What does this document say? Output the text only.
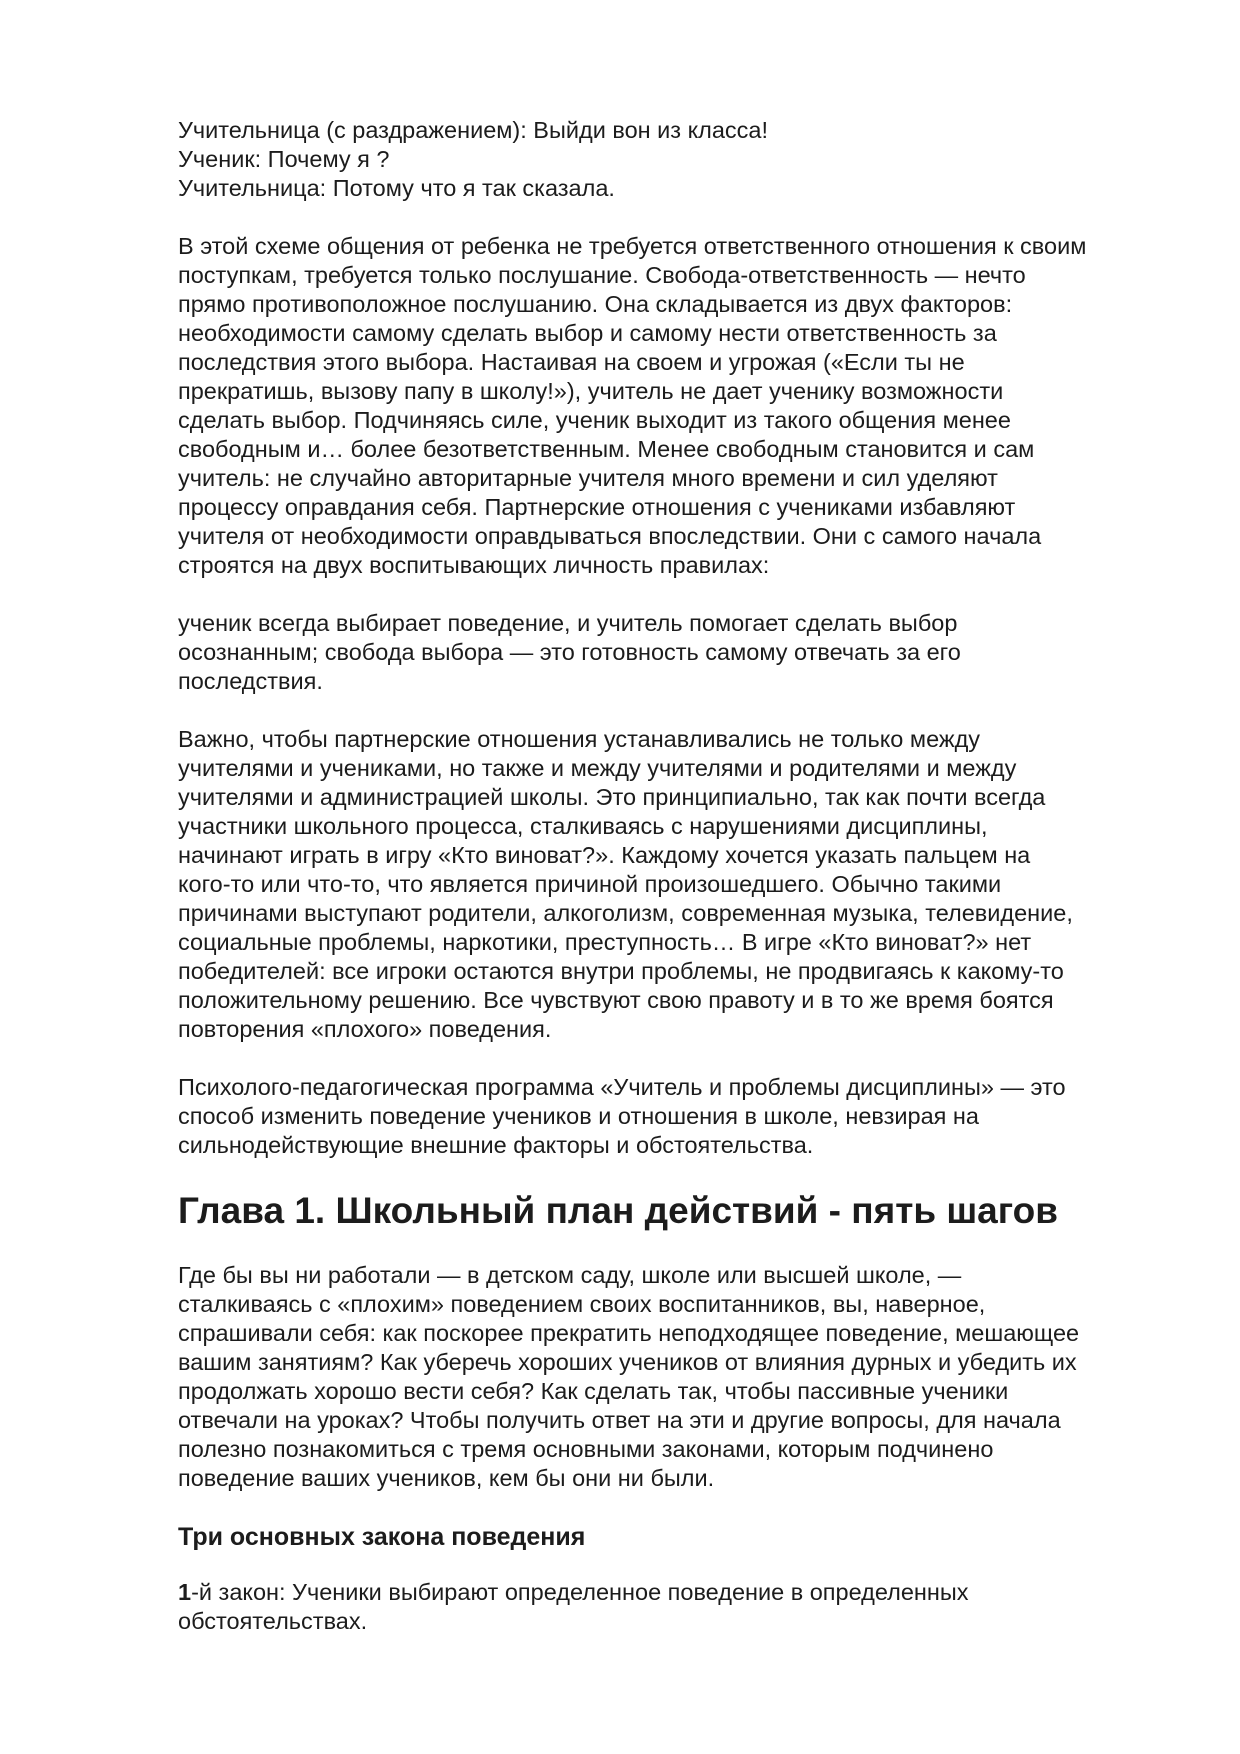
Учительница (с раздражением): Выйди вон из класса!
Ученик: Почему я ?
Учительница: Потому что я так сказала.
В этой схеме общения от ребенка не требуется ответственного отношения к своим
поступкам, требуется только послушание. Свобода-ответственность — нечто
прямо противоположное послушанию. Она складывается из двух факторов:
необходимости самому сделать выбор и самому нести ответственность за
последствия этого выбора. Настаивая на своем и угрожая («Если ты не
прекратишь, вызову папу в школу!»), учитель не дает ученику возможности
сделать выбор. Подчиняясь силе, ученик выходит из такого общения менее
свободным и… более безответственным. Менее свободным становится и сам
учитель: не случайно авторитарные учителя много времени и сил уделяют
процессу оправдания себя. Партнерские отношения с учениками избавляют
учителя от необходимости оправдываться впоследствии. Они с самого начала
строятся на двух воспитывающих личность правилах:
ученик всегда выбирает поведение, и учитель помогает сделать выбор
осознанным; свобода выбора — это готовность самому отвечать за его
последствия.
Важно, чтобы партнерские отношения устанавливались не только между
учителями и учениками, но также и между учителями и родителями и между
учителями и администрацией школы. Это принципиально, так как почти всегда
участники школьного процесса, сталкиваясь с нарушениями дисциплины,
начинают играть в игру «Кто виноват?». Каждому хочется указать пальцем на
кого-то или что-то, что является причиной произошедшего. Обычно такими
причинами выступают родители, алкоголизм, современная музыка, телевидение,
социальные проблемы, наркотики, преступность… В игре «Кто виноват?» нет
победителей: все игроки остаются внутри проблемы, не продвигаясь к какому-то
положительному решению. Все чувствуют свою правоту и в то же время боятся
повторения «плохого» поведения.
Психолого-педагогическая программа «Учитель и проблемы дисциплины» — это
способ изменить поведение учеников и отношения в школе, невзирая на
сильнодействующие внешние факторы и обстоятельства.
Глава 1. Школьный план действий - пять шагов
Где бы вы ни работали — в детском саду, школе или высшей школе, —
сталкиваясь с «плохим» поведением своих воспитанников, вы, наверное,
спрашивали себя: как поскорее прекратить неподходящее поведение, мешающее
вашим занятиям? Как уберечь хороших учеников от влияния дурных и убедить их
продолжать хорошо вести себя? Как сделать так, чтобы пассивные ученики
отвечали на уроках? Чтобы получить ответ на эти и другие вопросы, для начала
полезно познакомиться с тремя основными законами, которым подчинено
поведение ваших учеников, кем бы они ни были.
Три основных закона поведения
1-й закон: Ученики выбирают определенное поведение в определенных
обстоятельствах.
